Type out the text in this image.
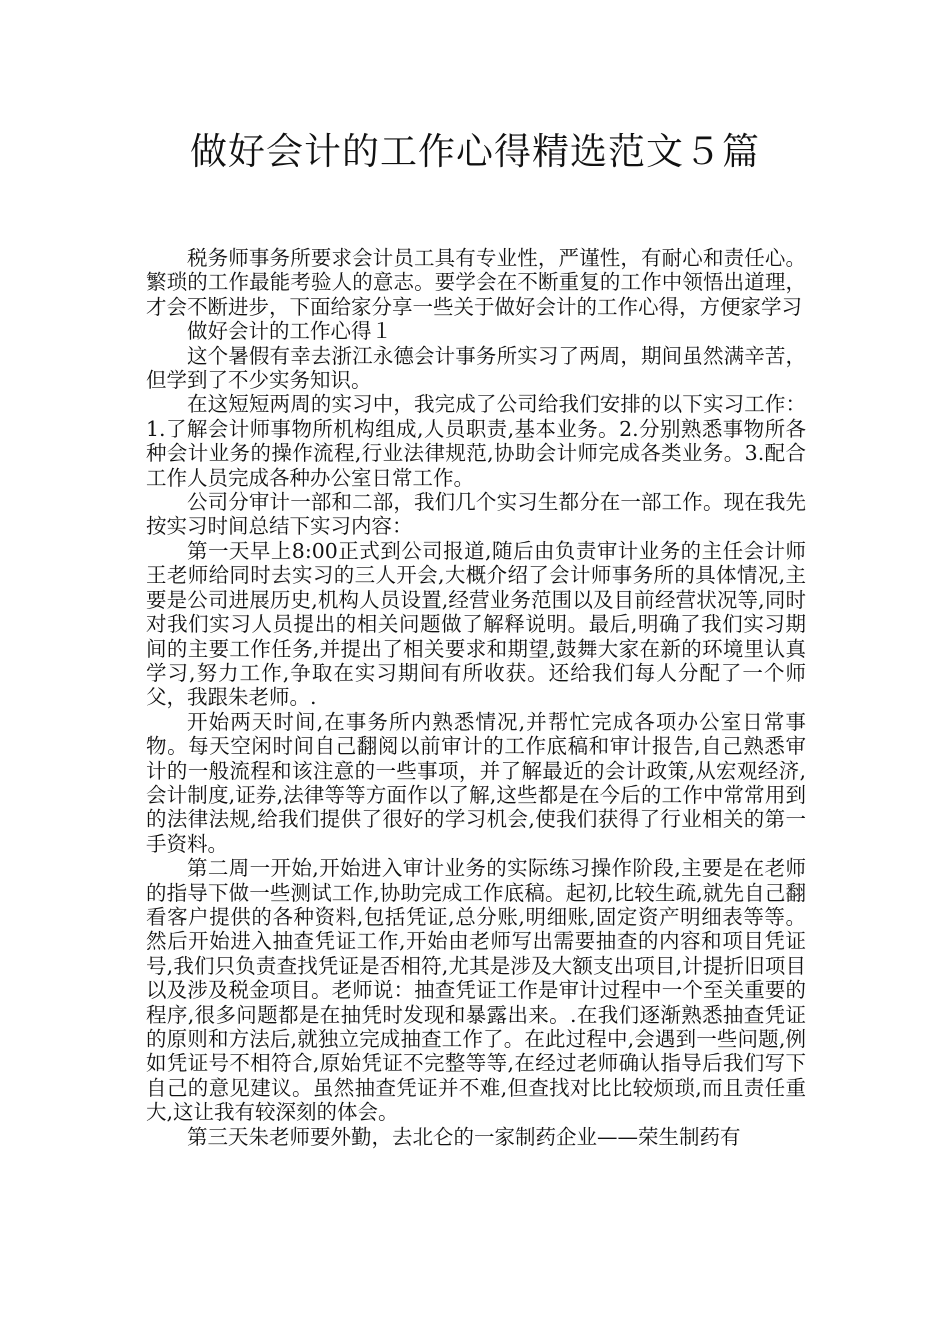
做好会计的工作心得精选范文５篇

税务师事务所要求会计员工具有专业性，严谨性，有耐心和责任心。繁琐的工作最能考验人的意志。要学会在不断重复的工作中领悟出道理，才会不断进步，下面给家分享一些关于做好会计的工作心得，方便家学习

做好会计的工作心得１

这个暑假有幸去浙江永德会计事务所实习了两周，期间虽然满辛苦，但学到了不少实务知识。

在这短短两周的实习中，我完成了公司给我们安排的以下实习工作：1.了解会计师事物所机构组成,人员职责,基本业务。2.分别熟悉事物所各种会计业务的操作流程,行业法律规范,协助会计师完成各类业务。3.配合工作人员完成各种办公室日常工作。

公司分审计一部和二部，我们几个实习生都分在一部工作。现在我先按实习时间总结下实习内容：

第一天早上8:00正式到公司报道,随后由负责审计业务的主任会计师王老师给同时去实习的三人开会,大概介绍了会计师事务所的具体情况,主要是公司进展历史,机构人员设置,经营业务范围以及目前经营状况等,同时对我们实习人员提出的相关问题做了解释说明。最后,明确了我们实习期间的主要工作任务,并提出了相关要求和期望,鼓舞大家在新的环境里认真学习,努力工作,争取在实习期间有所收获。还给我们每人分配了一个师父，我跟朱老师。.

开始两天时间,在事务所内熟悉情况,并帮忙完成各项办公室日常事物。每天空闲时间自己翻阅以前审计的工作底稿和审计报告,自己熟悉审计的一般流程和该注意的一些事项，并了解最近的会计政策,从宏观经济,会计制度,证券,法律等等方面作以了解,这些都是在今后的工作中常常用到的法律法规,给我们提供了很好的学习机会,使我们获得了行业相关的第一手资料。

第二周一开始,开始进入审计业务的实际练习操作阶段,主要是在老师的指导下做一些测试工作,协助完成工作底稿。起初,比较生疏,就先自己翻看客户提供的各种资料,包括凭证,总分账,明细账,固定资产明细表等等。然后开始进入抽查凭证工作,开始由老师写出需要抽查的内容和项目凭证号,我们只负责查找凭证是否相符,尤其是涉及大额支出项目,计提折旧项目以及涉及税金项目。老师说：抽查凭证工作是审计过程中一个至关重要的程序,很多问题都是在抽凭时发现和暴露出来。.在我们逐渐熟悉抽查凭证的原则和方法后,就独立完成抽查工作了。在此过程中,会遇到一些问题,例如凭证号不相符合,原始凭证不完整等等,在经过老师确认指导后我们写下自己的意见建议。虽然抽查凭证并不难,但查找对比比较烦琐,而且责任重大,这让我有较深刻的体会。

第三天朱老师要外勤，去北仑的一家制药企业——荣生制药有
